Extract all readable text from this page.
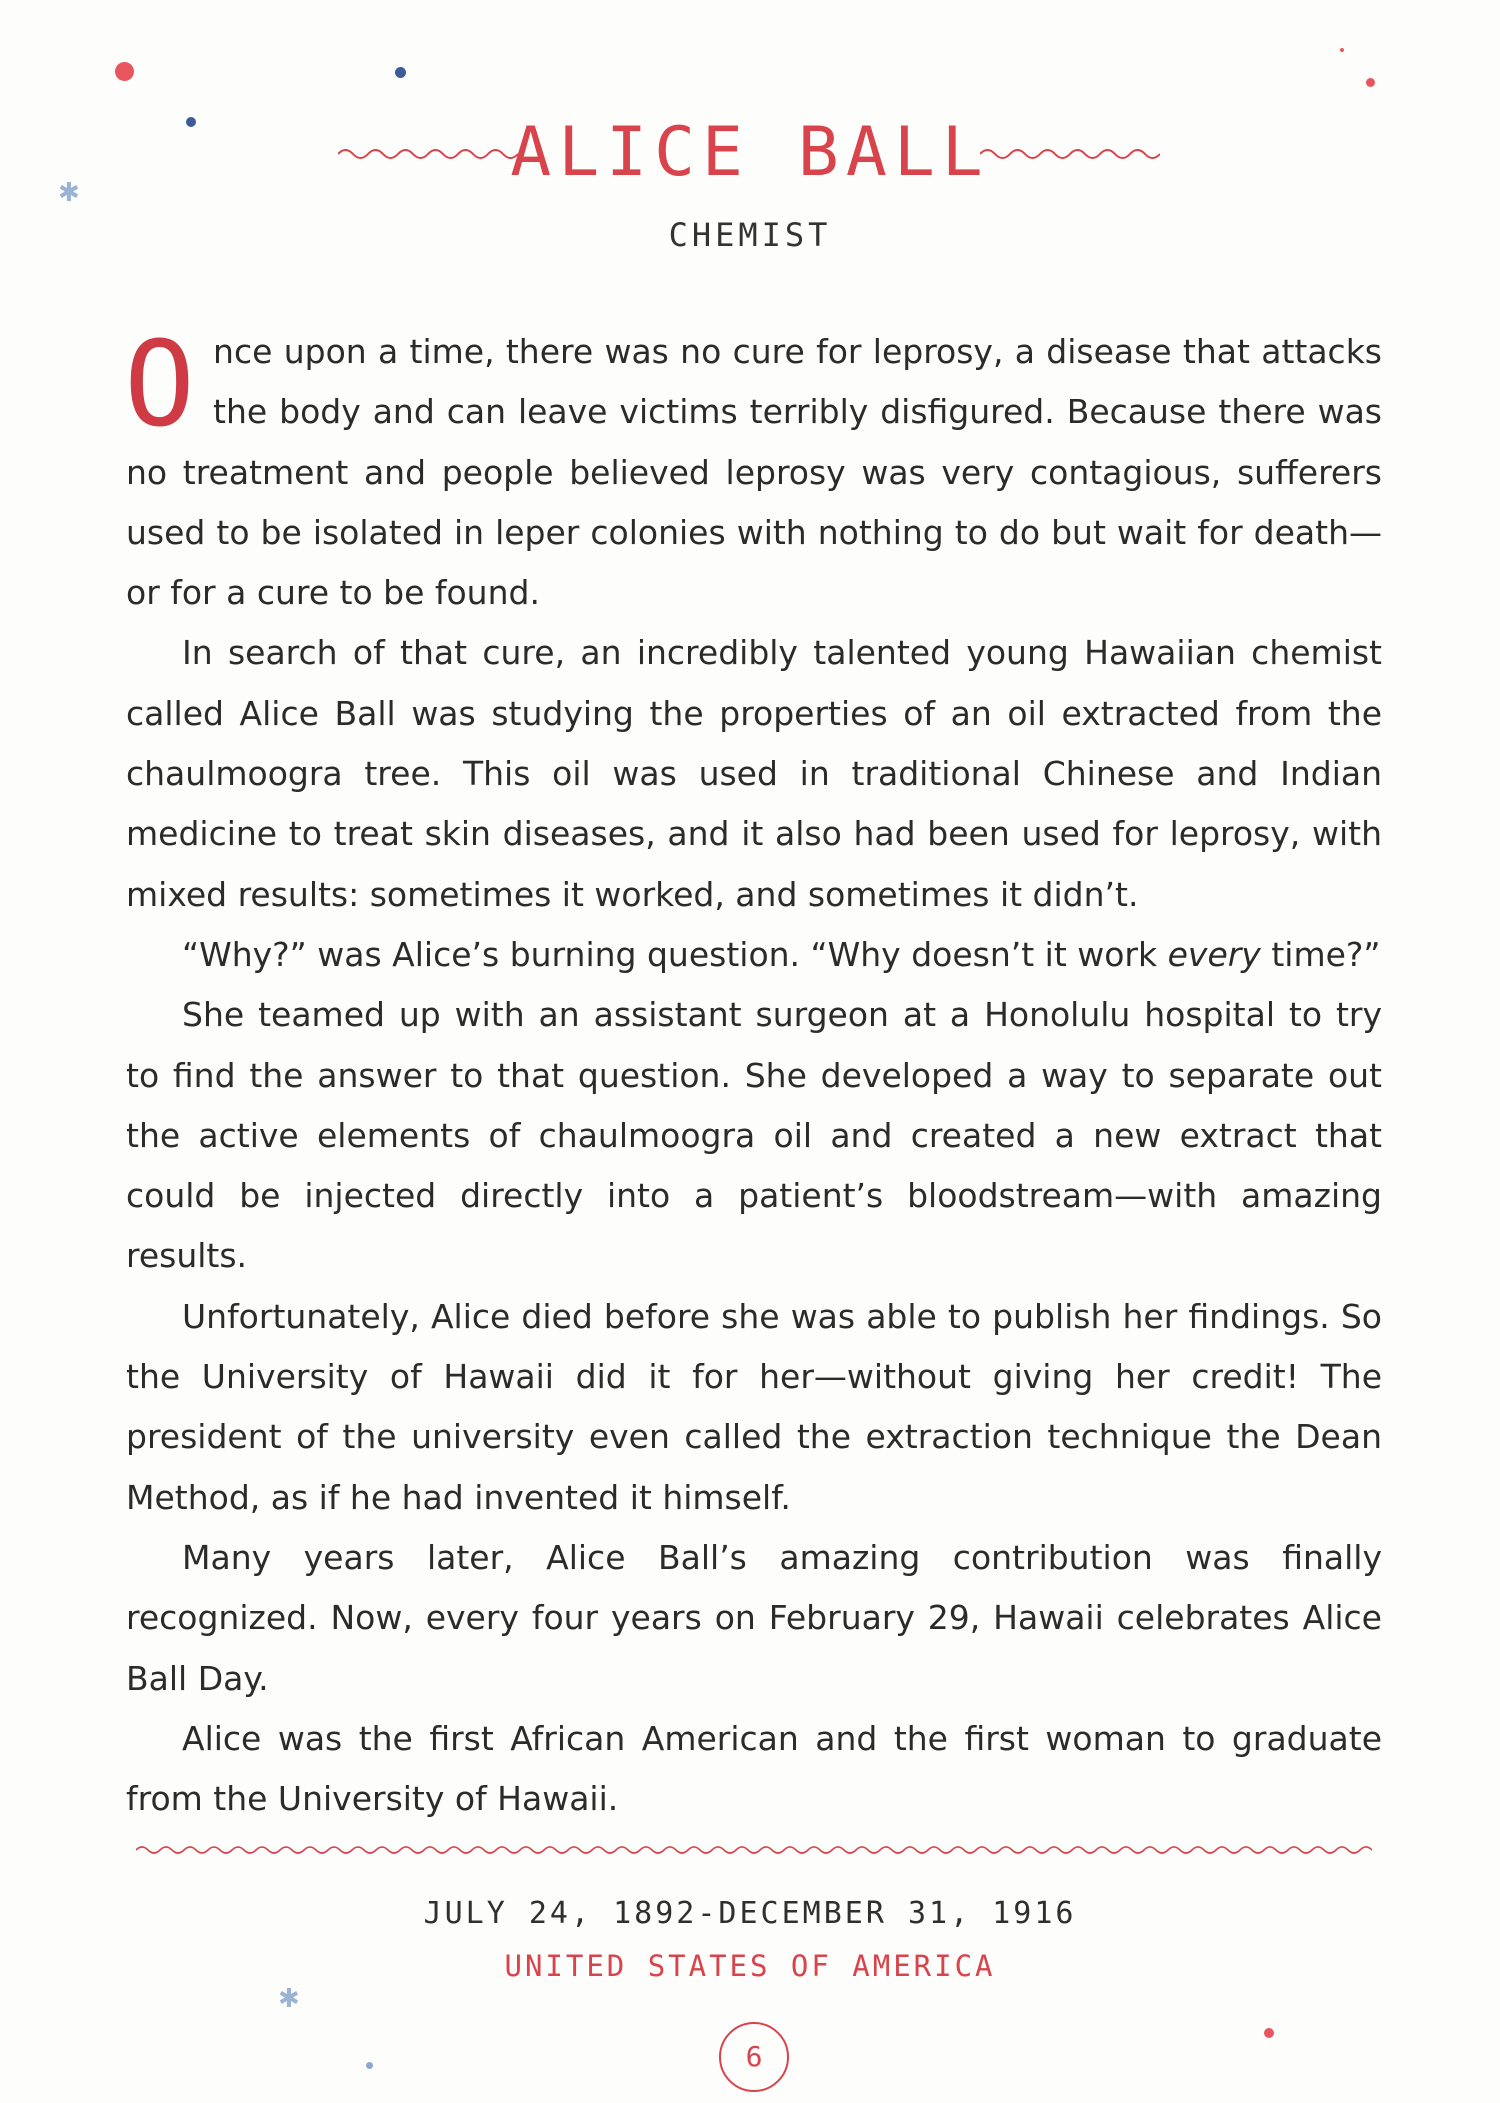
✱
✱
ALICE BALL
CHEMIST

Once upon a time, there was no cure for leprosy, a disease that attacks the body and can leave victims terribly disfigured. Because there was no treatment and people believed leprosy was very contagious, sufferers used to be isolated in leper colonies with nothing to do but wait for death—or for a cure to be found.

In search of that cure, an incredibly talented young Hawaiian chemist called Alice Ball was studying the properties of an oil extracted from the chaulmoogra tree. This oil was used in traditional Chinese and Indian medicine to treat skin diseases, and it also had been used for leprosy, with mixed results: sometimes it worked, and sometimes it didn’t.

“Why?” was Alice’s burning question. “Why doesn’t it work every time?”

She teamed up with an assistant surgeon at a Honolulu hospital to try to find the answer to that question. She developed a way to separate out the active elements of chaulmoogra oil and created a new extract that could be injected directly into a patient’s bloodstream—with amazing results.

Unfortunately, Alice died before she was able to publish her findings. So the University of Hawaii did it for her—without giving her credit! The president of the university even called the extraction technique the Dean Method, as if he had invented it himself.

Many years later, Alice Ball’s amazing contribution was finally recognized. Now, every four years on February 29, Hawaii celebrates Alice Ball Day.

Alice was the first African American and the first woman to graduate from the University of Hawaii.

JULY 24, 1892-DECEMBER 31, 1916
UNITED STATES OF AMERICA
6
